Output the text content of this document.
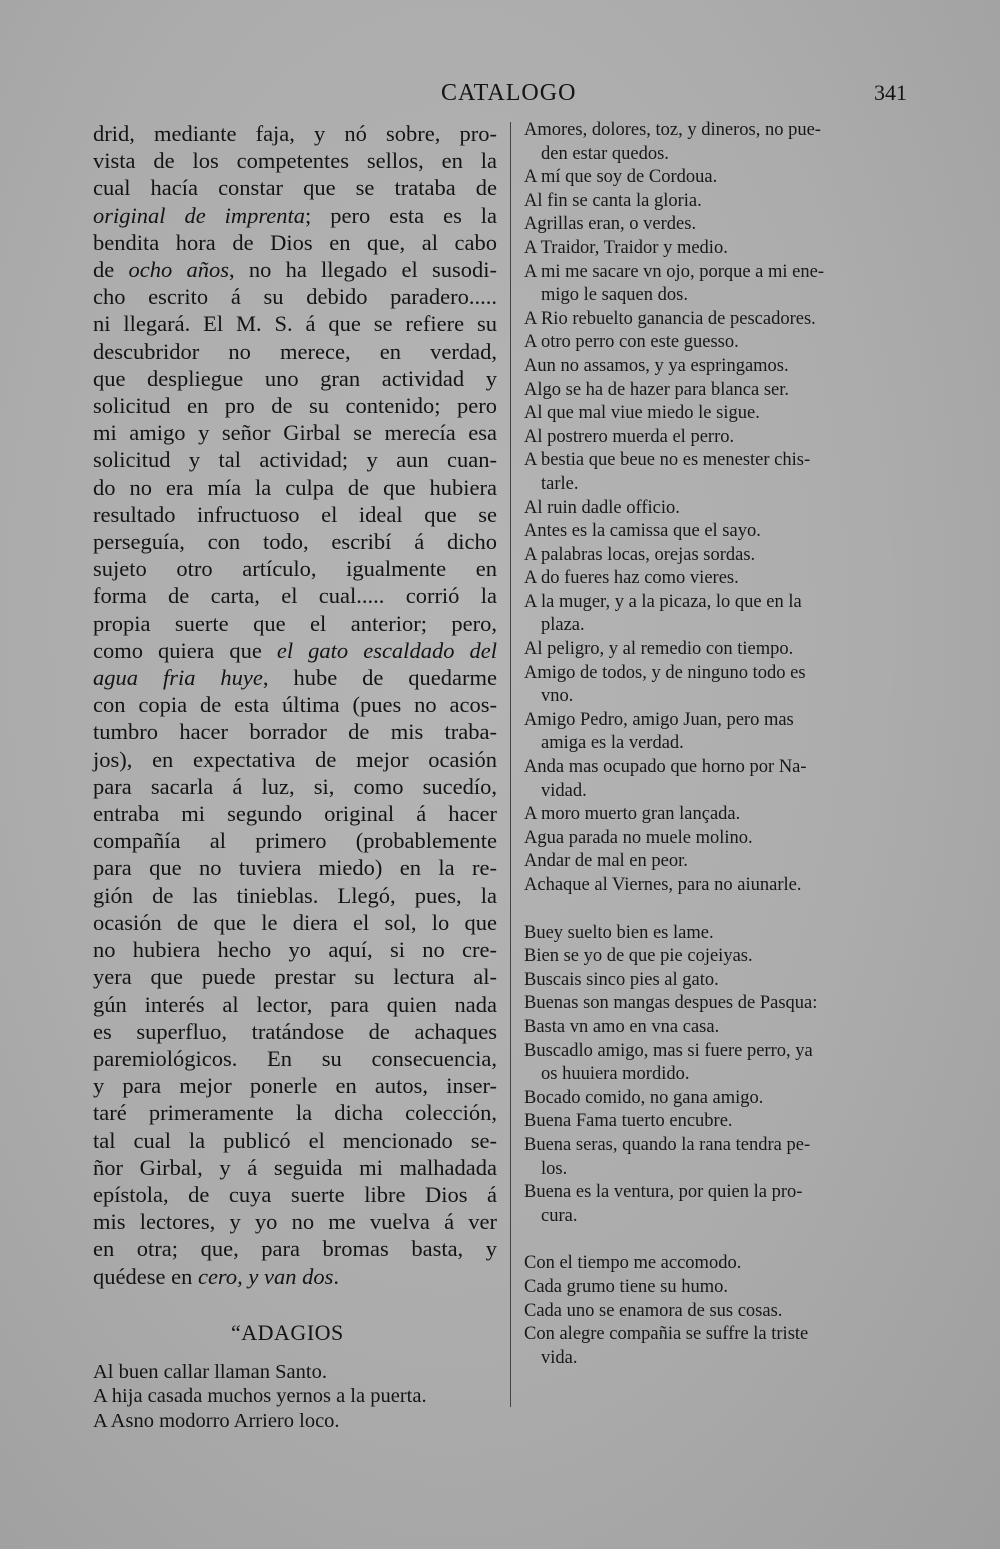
CATALOGO	341
drid, mediante faja, y nó sobre, pro-
vista de los competentes sellos, en la
cual hacía constar que se trataba de
original de imprenta; pero esta es la
bendita hora de Dios en que, al cabo
de ocho años, no ha llegado el susodi-
cho escrito á su debido paradero.....
ni llegará. El M. S. á que se refiere su
descubridor no merece, en verdad,
que despliegue uno gran actividad y
solicitud en pro de su contenido; pero
mi amigo y señor Girbal se merecía esa
solicitud y tal actividad; y aun cuan-
do no era mía la culpa de que hubiera
resultado infructuoso el ideal que se
perseguía, con todo, escribí á dicho
sujeto otro artículo, igualmente en
forma de carta, el cual..... corrió la
propia suerte que el anterior; pero,
como quiera que el gato escaldado del
agua fria huye, hube de quedarme
con copia de esta última (pues no acos-
tumbro hacer borrador de mis traba-
jos), en expectativa de mejor ocasión
para sacarla á luz, si, como sucedío,
entraba mi segundo original á hacer
compañía al primero (probablemente
para que no tuviera miedo) en la re-
gión de las tinieblas. Llegó, pues, la
ocasión de que le diera el sol, lo que
no hubiera hecho yo aquí, si no cre-
yera que puede prestar su lectura al-
gún interés al lector, para quien nada
es superfluo, tratándose de achaques
paremiológicos. En su consecuencia,
y para mejor ponerle en autos, inser-
taré primeramente la dicha colección,
tal cual la publicó el mencionado se-
ñor Girbal, y á seguida mi malhadada
epístola, de cuya suerte libre Dios á
mis lectores, y yo no me vuelva á ver
en otra; que, para bromas basta, y
quédese en cero, y van dos.
“ADAGIOS
Al buen callar llaman Santo.
A hija casada muchos yernos a la puerta.
A Asno modorro Arriero loco.
Amores, dolores, toz, y dineros, no pue-
den estar quedos.
A mí que soy de Cordoua.
Al fin se canta la gloria.
Agrillas eran, o verdes.
A Traidor, Traidor y medio.
A mi me sacare vn ojo, porque a mi ene-
migo le saquen dos.
A Rio rebuelto ganancia de pescadores.
A otro perro con este guesso.
Aun no assamos, y ya espringamos.
Algo se ha de hazer para blanca ser.
Al que mal viue miedo le sigue.
Al postrero muerda el perro.
A bestia que beue no es menester chis-
tarle.
Al ruin dadle officio.
Antes es la camissa que el sayo.
A palabras locas, orejas sordas.
A do fueres haz como vieres.
A la muger, y a la picaza, lo que en la
plaza.
Al peligro, y al remedio con tiempo.
Amigo de todos, y de ninguno todo es
vno.
Amigo Pedro, amigo Juan, pero mas
amiga es la verdad.
Anda mas ocupado que horno por Na-
vidad.
A moro muerto gran lançada.
Agua parada no muele molino.
Andar de mal en peor.
Achaque al Viernes, para no aiunarle.
Buey suelto bien es lame.
Bien se yo de que pie cojeiyas.
Buscais sinco pies al gato.
Buenas son mangas despues de Pasqua:
Basta vn amo en vna casa.
Buscadlo amigo, mas si fuere perro, ya
os huuiera mordido.
Bocado comido, no gana amigo.
Buena Fama tuerto encubre.
Buena seras, quando la rana tendra pe-
los.
Buena es la ventura, por quien la pro-
cura.
Con el tiempo me accomodo.
Cada grumo tiene su humo.
Cada uno se enamora de sus cosas.
Con alegre compañia se suffre la triste
vida.
